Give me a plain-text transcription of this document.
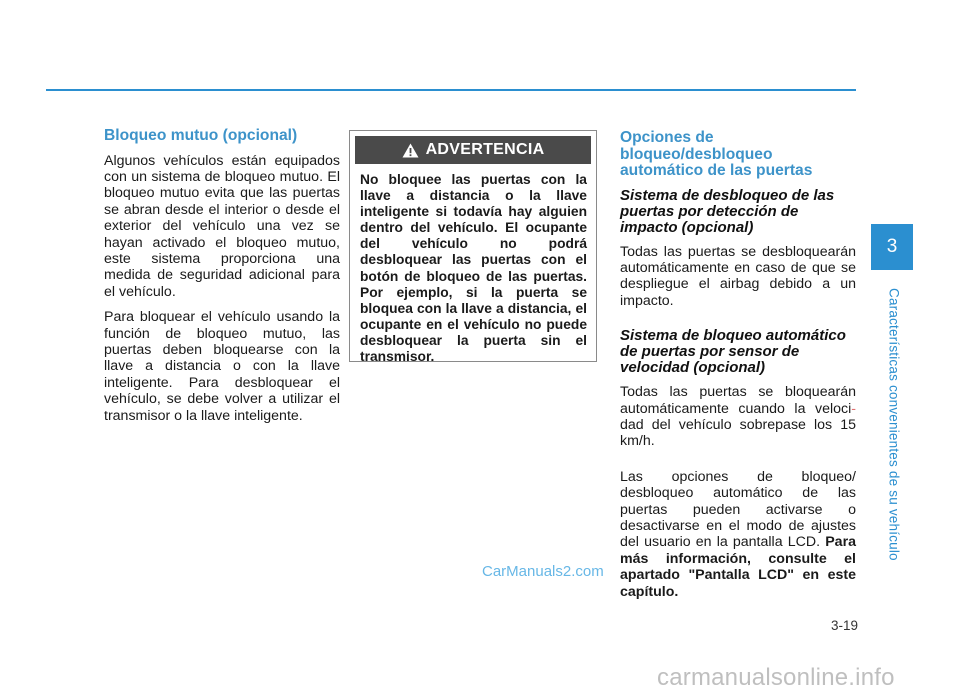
Bloqueo mutuo (opcional)

Algunos vehículos están equipados con un sistema de bloqueo mutuo. El bloqueo mutuo evita que las puertas se abran desde el interior o desde el exterior del vehículo una vez se hayan activado el bloqueo mutuo, este sistema proporciona una medida de seguridad adicional para el vehículo.

Para bloquear el vehículo usando la función de bloqueo mutuo, las puertas deben bloquearse con la llave a distancia o con la llave inteligente. Para desbloquear el vehículo, se debe volver a utilizar el transmisor o la llave inteligente.

ADVERTENCIA
No bloquee las puertas con la llave a distancia o la llave inteligente si todavía hay alguien dentro del vehículo. El ocupante del vehículo no podrá desbloquear las puertas con el botón de bloqueo de las puertas. Por ejemplo, si la puerta se bloquea con la llave a distancia, el ocupante en el vehículo no puede desbloquear la puerta sin el transmisor.
Opciones de bloqueo/desbloqueo automático de las puertas
Sistema de desbloqueo de las puertas por detección de impacto (opcional)

Todas las puertas se desbloquearán automáticamente en caso de que se despliegue el airbag debido a un impacto.

Sistema de bloqueo automático de puertas por sensor de velocidad (opcional)

Todas las puertas se bloquearán automáticamente cuando la veloci-dad del vehículo sobrepase los 15 km/h.

Las opciones de bloqueo/ desbloqueo automático de las puertas pueden activarse o desactivarse en el modo de ajustes del usuario en la pantalla LCD. Para más información, consulte el apartado "Pantalla LCD" en este capítulo.

3
Características convenientes de su vehículo
3-19
CarManuals2.com
carmanualsonline.info
